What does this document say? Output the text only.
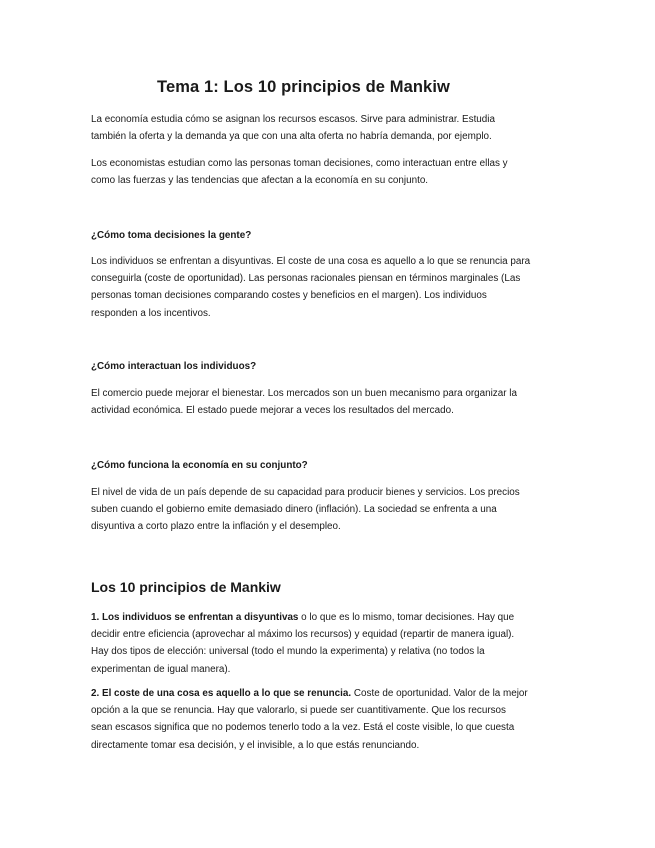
Tema 1: Los 10 principios de Mankiw

La economía estudia cómo se asignan los recursos escasos. Sirve para administrar. Estudia
también la oferta y la demanda ya que con una alta oferta no habría demanda, por ejemplo.

Los economistas estudian como las personas toman decisiones, como interactuan entre ellas y
como las fuerzas y las tendencias que afectan a la economía en su conjunto.

¿Cómo toma decisiones la gente?

Los individuos se enfrentan a disyuntivas. El coste de una cosa es aquello a lo que se renuncia para
conseguirla (coste de oportunidad). Las personas racionales piensan en términos marginales (Las
personas toman decisiones comparando costes y beneficios en el margen). Los individuos
responden a los incentivos.

¿Cómo interactuan los individuos?

El comercio puede mejorar el bienestar. Los mercados son un buen mecanismo para organizar la
actividad económica. El estado puede mejorar a veces los resultados del mercado.

¿Cómo funciona la economía en su conjunto?

El nivel de vida de un país depende de su capacidad para producir bienes y servicios. Los precios
suben cuando el gobierno emite demasiado dinero (inflación). La sociedad se enfrenta a una
disyuntiva a corto plazo entre la inflación y el desempleo.

Los 10 principios de Mankiw

1. Los individuos se enfrentan a disyuntivas o lo que es lo mismo, tomar decisiones. Hay que
decidir entre eficiencia (aprovechar al máximo los recursos) y equidad (repartir de manera igual).
Hay dos tipos de elección: universal (todo el mundo la experimenta) y relativa (no todos la
experimentan de igual manera).

2. El coste de una cosa es aquello a lo que se renuncia. Coste de oportunidad. Valor de la mejor
opción a la que se renuncia. Hay que valorarlo, si puede ser cuantitivamente. Que los recursos
sean escasos significa que no podemos tenerlo todo a la vez. Está el coste visible, lo que cuesta
directamente tomar esa decisión, y el invisible, a lo que estás renunciando.
